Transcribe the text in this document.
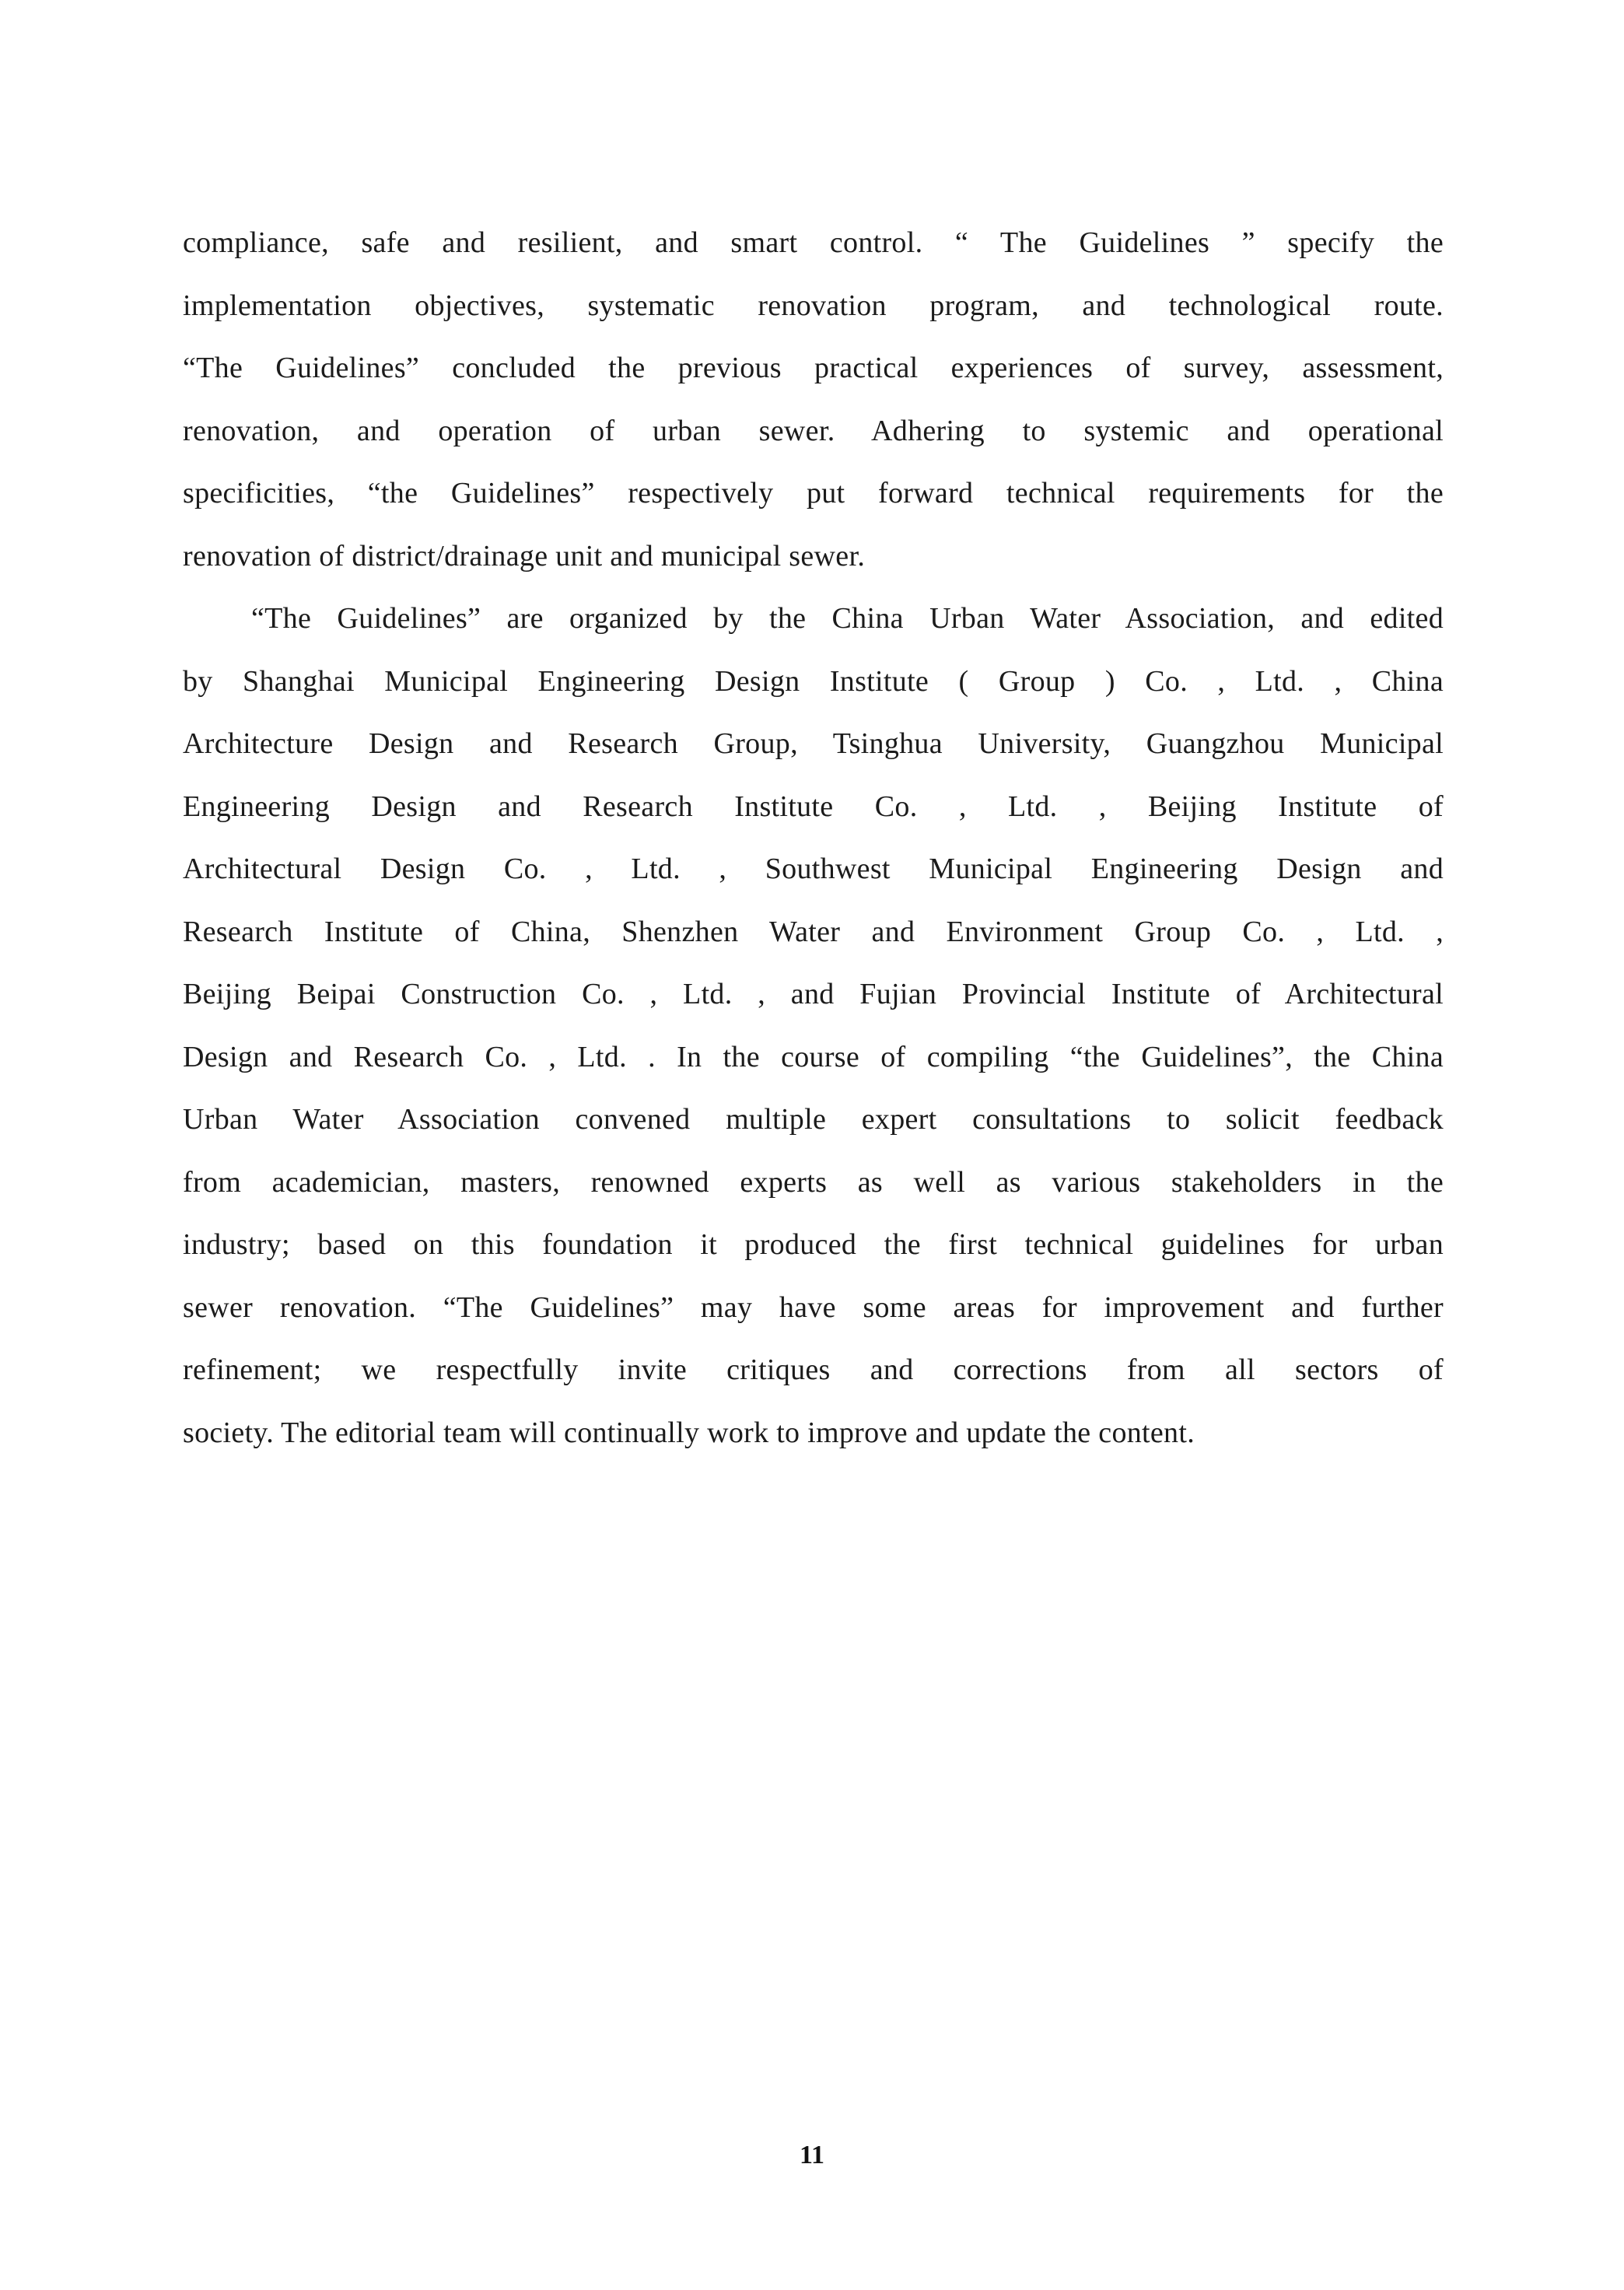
compliance, safe and resilient, and smart control. “ The Guidelines ” specify the
implementation objectives, systematic renovation program, and technological route.
“The Guidelines” concluded the previous practical experiences of survey, assessment,
renovation, and operation of urban sewer. Adhering to systemic and operational
specificities, “the Guidelines” respectively put forward technical requirements for the
renovation of district/drainage unit and municipal sewer.
“The Guidelines” are organized by the China Urban Water Association, and edited
by Shanghai Municipal Engineering Design Institute ( Group ) Co. , Ltd. , China
Architecture Design and Research Group, Tsinghua University, Guangzhou Municipal
Engineering Design and Research Institute Co. , Ltd. , Beijing Institute of
Architectural Design Co. , Ltd. , Southwest Municipal Engineering Design and
Research Institute of China, Shenzhen Water and Environment Group Co. , Ltd. ,
Beijing Beipai Construction Co. , Ltd. , and Fujian Provincial Institute of Architectural
Design and Research Co. , Ltd. . In the course of compiling “the Guidelines”, the China
Urban Water Association convened multiple expert consultations to solicit feedback
from academician, masters, renowned experts as well as various stakeholders in the
industry; based on this foundation it produced the first technical guidelines for urban
sewer renovation. “The Guidelines” may have some areas for improvement and further
refinement; we respectfully invite critiques and corrections from all sectors of
society. The editorial team will continually work to improve and update the content.
11
